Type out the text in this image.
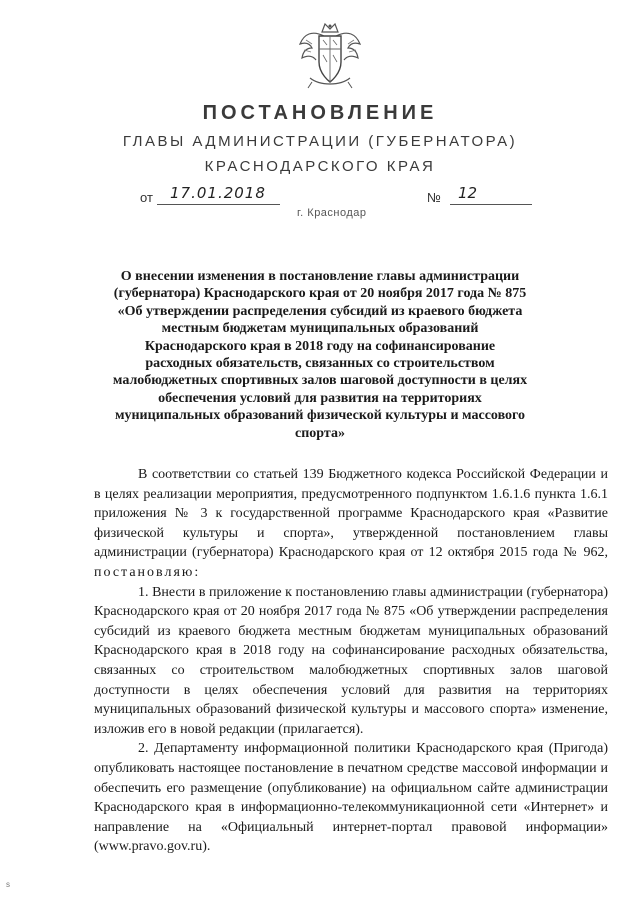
ПОСТАНОВЛЕНИЕ
ГЛАВЫ АДМИНИСТРАЦИИ (ГУБЕРНАТОРА)
КРАСНОДАРСКОГО КРАЯ
от 17.01.2018	№ 12
г. Краснодар
О внесении изменения в постановление главы администрации (губернатора) Краснодарского края от 20 ноября 2017 года № 875 «Об утверждении распределения субсидий из краевого бюджета местным бюджетам муниципальных образований Краснодарского края в 2018 году на софинансирование расходных обязательств, связанных со строительством малобюджетных спортивных залов шаговой доступности в целях обеспечения условий для развития на территориях муниципальных образований физической культуры и массового спорта»

В соответствии со статьей 139 Бюджетного кодекса Российской Федерации и в целях реализации мероприятия, предусмотренного подпунктом 1.6.1.6 пункта 1.6.1 приложения № 3 к государственной программе Краснодарского края «Развитие физической культуры и спорта», утвержденной постановлением главы администрации (губернатора) Краснодарского края от 12 октября 2015 года № 962, постановляю:

1. Внести в приложение к постановлению главы администрации (губернатора) Краснодарского края от 20 ноября 2017 года № 875 «Об утверждении распределения субсидий из краевого бюджета местным бюджетам муниципальных образований Краснодарского края в 2018 году на софинансирование расходных обязательства, связанных со строительством малобюджетных спортивных залов шаговой доступности в целях обеспечения условий для развития на территориях муниципальных образований физической культуры и массового спорта» изменение, изложив его в новой редакции (прилагается).

2. Департаменту информационной политики Краснодарского края (Пригода) опубликовать настоящее постановление в печатном средстве массовой информации и обеспечить его размещение (опубликование) на официальном сайте администрации Краснодарского края в информационно-телекоммуникационной сети «Интернет» и направление на «Официальный интернет-портал правовой информации» (www.pravo.gov.ru).

s
